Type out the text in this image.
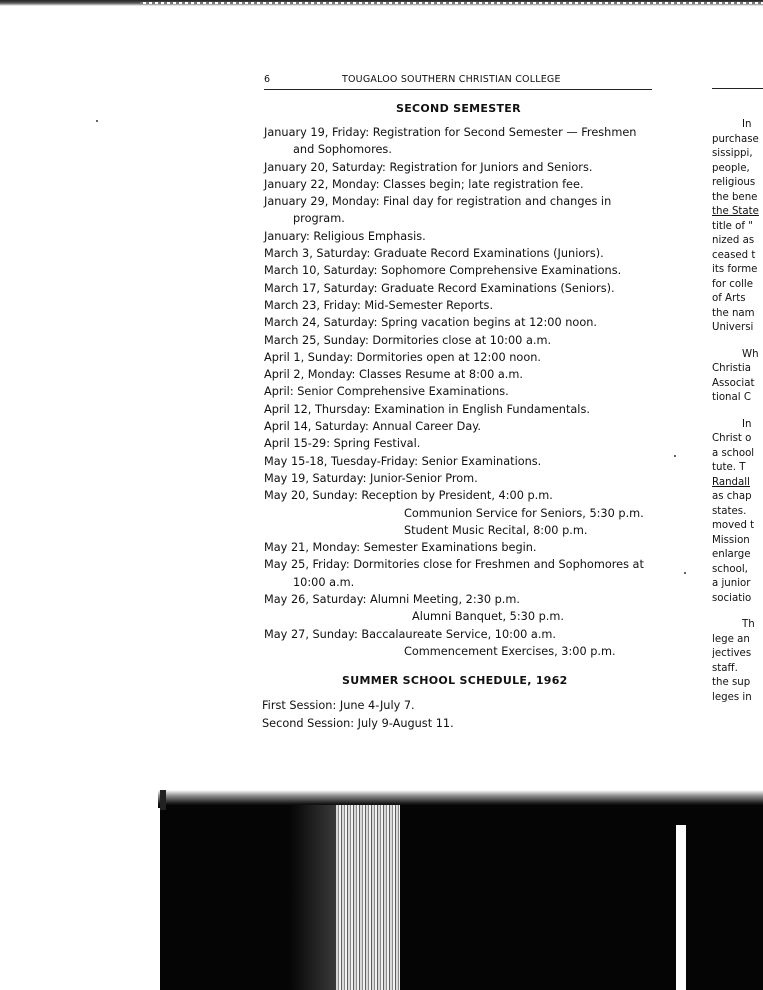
6	TOUGALOO SOUTHERN CHRISTIAN COLLEGE
SECOND SEMESTER
January 19, Friday: Registration for Second Semester — Freshmen and Sophomores.
January 20, Saturday: Registration for Juniors and Seniors.
January 22, Monday: Classes begin; late registration fee.
January 29, Monday: Final day for registration and changes in program.
January: Religious Emphasis.
March 3, Saturday: Graduate Record Examinations (Juniors).
March 10, Saturday: Sophomore Comprehensive Examinations.
March 17, Saturday: Graduate Record Examinations (Seniors).
March 23, Friday: Mid-Semester Reports.
March 24, Saturday: Spring vacation begins at 12:00 noon.
March 25, Sunday: Dormitories close at 10:00 a.m.
April 1, Sunday: Dormitories open at 12:00 noon.
April 2, Monday: Classes Resume at 8:00 a.m.
April: Senior Comprehensive Examinations.
April 12, Thursday: Examination in English Fundamentals.
April 14, Saturday: Annual Career Day.
April 15-29: Spring Festival.
May 15-18, Tuesday-Friday: Senior Examinations.
May 19, Saturday: Junior-Senior Prom.
May 20, Sunday: Reception by President, 4:00 p.m.
Communion Service for Seniors, 5:30 p.m.
Student Music Recital, 8:00 p.m.
May 21, Monday: Semester Examinations begin.
May 25, Friday: Dormitories close for Freshmen and Sophomores at 10:00 a.m.
May 26, Saturday: Alumni Meeting, 2:30 p.m.
Alumni Banquet, 5:30 p.m.
May 27, Sunday: Baccalaureate Service, 10:00 a.m.
Commencement Exercises, 3:00 p.m.
SUMMER SCHOOL SCHEDULE, 1962
First Session: June 4-July 7.
Second Session: July 9-August 11.
In
purchase
sissippi,
people,
religious
the bene
the State
title of "
nized as
ceased t
its forme
for colle
of Arts
the nam
Universi
Wh
Christia
Associat
tional C
In
Christ o
a school
tute. T
Randall
as chap
states.
moved t
Mission
enlarge
school,
a junior
sociatio
Th
lege an
jectives
staff.
the sup
leges in
